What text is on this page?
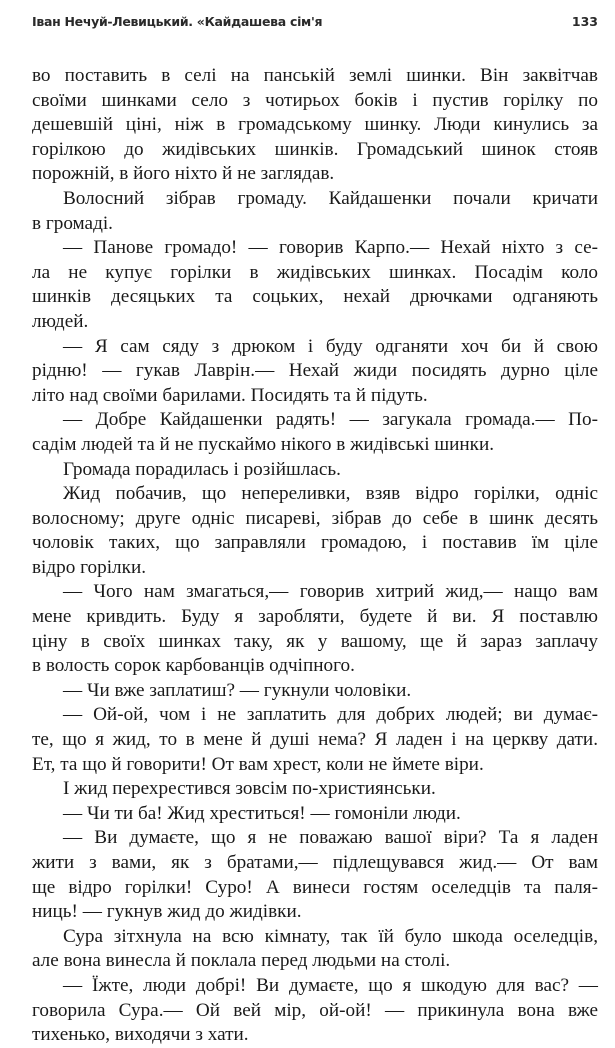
Іван Нечуй-Левицький. «Кайдашева сім'я	133
во поставить в селі на панській землі шинки. Він заквітчав
своїми шинками село з чотирьох боків і пустив горілку по
дешевшій ціні, ніж в громадському шинку. Люди кинулись за
горілкою до жидівських шинків. Громадський шинок стояв
порожній, в його ніхто й не заглядав.
Волосний зібрав громаду. Кайдашенки почали кричати
в громаді.
— Панове громадо! — говорив Карпо.— Нехай ніхто з се-
ла не купує горілки в жидівських шинках. Посадім коло
шинків десяцьких та соцьких, нехай дрючками одганяють
людей.
— Я сам сяду з дрюком і буду одганяти хоч би й свою
рідню! — гукав Лаврін.— Нехай жиди посидять дурно ціле
літо над своїми барилами. Посидять та й підуть.
— Добре Кайдашенки радять! — загукала громада.— По-
садім людей та й не пускаймо нікого в жидівські шинки.
Громада порадилась і розійшлась.
Жид побачив, що непереливки, взяв відро горілки, одніс
волосному; друге одніс писареві, зібрав до себе в шинк десять
чоловік таких, що заправляли громадою, і поставив їм ціле
відро горілки.
— Чого нам змагаться,— говорив хитрий жид,— нащо вам
мене кривдить. Буду я заробляти, будете й ви. Я поставлю
ціну в своїх шинках таку, як у вашому, ще й зараз заплачу
в волость сорок карбованців одчіпного.
— Чи вже заплатиш? — гукнули чоловіки.
— Ой-ой, чом і не заплатить для добрих людей; ви думає-
те, що я жид, то в мене й душі нема? Я ладен і на церкву дати.
Ет, та що й говорити! От вам хрест, коли не ймете віри.
І жид перехрестився зовсім по-християнськи.
— Чи ти ба! Жид хреститься! — гомоніли люди.
— Ви думаєте, що я не поважаю вашої віри? Та я ладен
жити з вами, як з братами,— підлещувався жид.— От вам
ще відро горілки! Суро! А винеси гостям оселедців та паля-
ниць! — гукнув жид до жидівки.
Сура зітхнула на всю кімнату, так їй було шкода оселедців,
але вона винесла й поклала перед людьми на столі.
— Їжте, люди добрі! Ви думаєте, що я шкодую для вас? —
говорила Сура.— Ой вей мір, ой-ой! — прикинула вона вже
тихенько, виходячи з хати.
